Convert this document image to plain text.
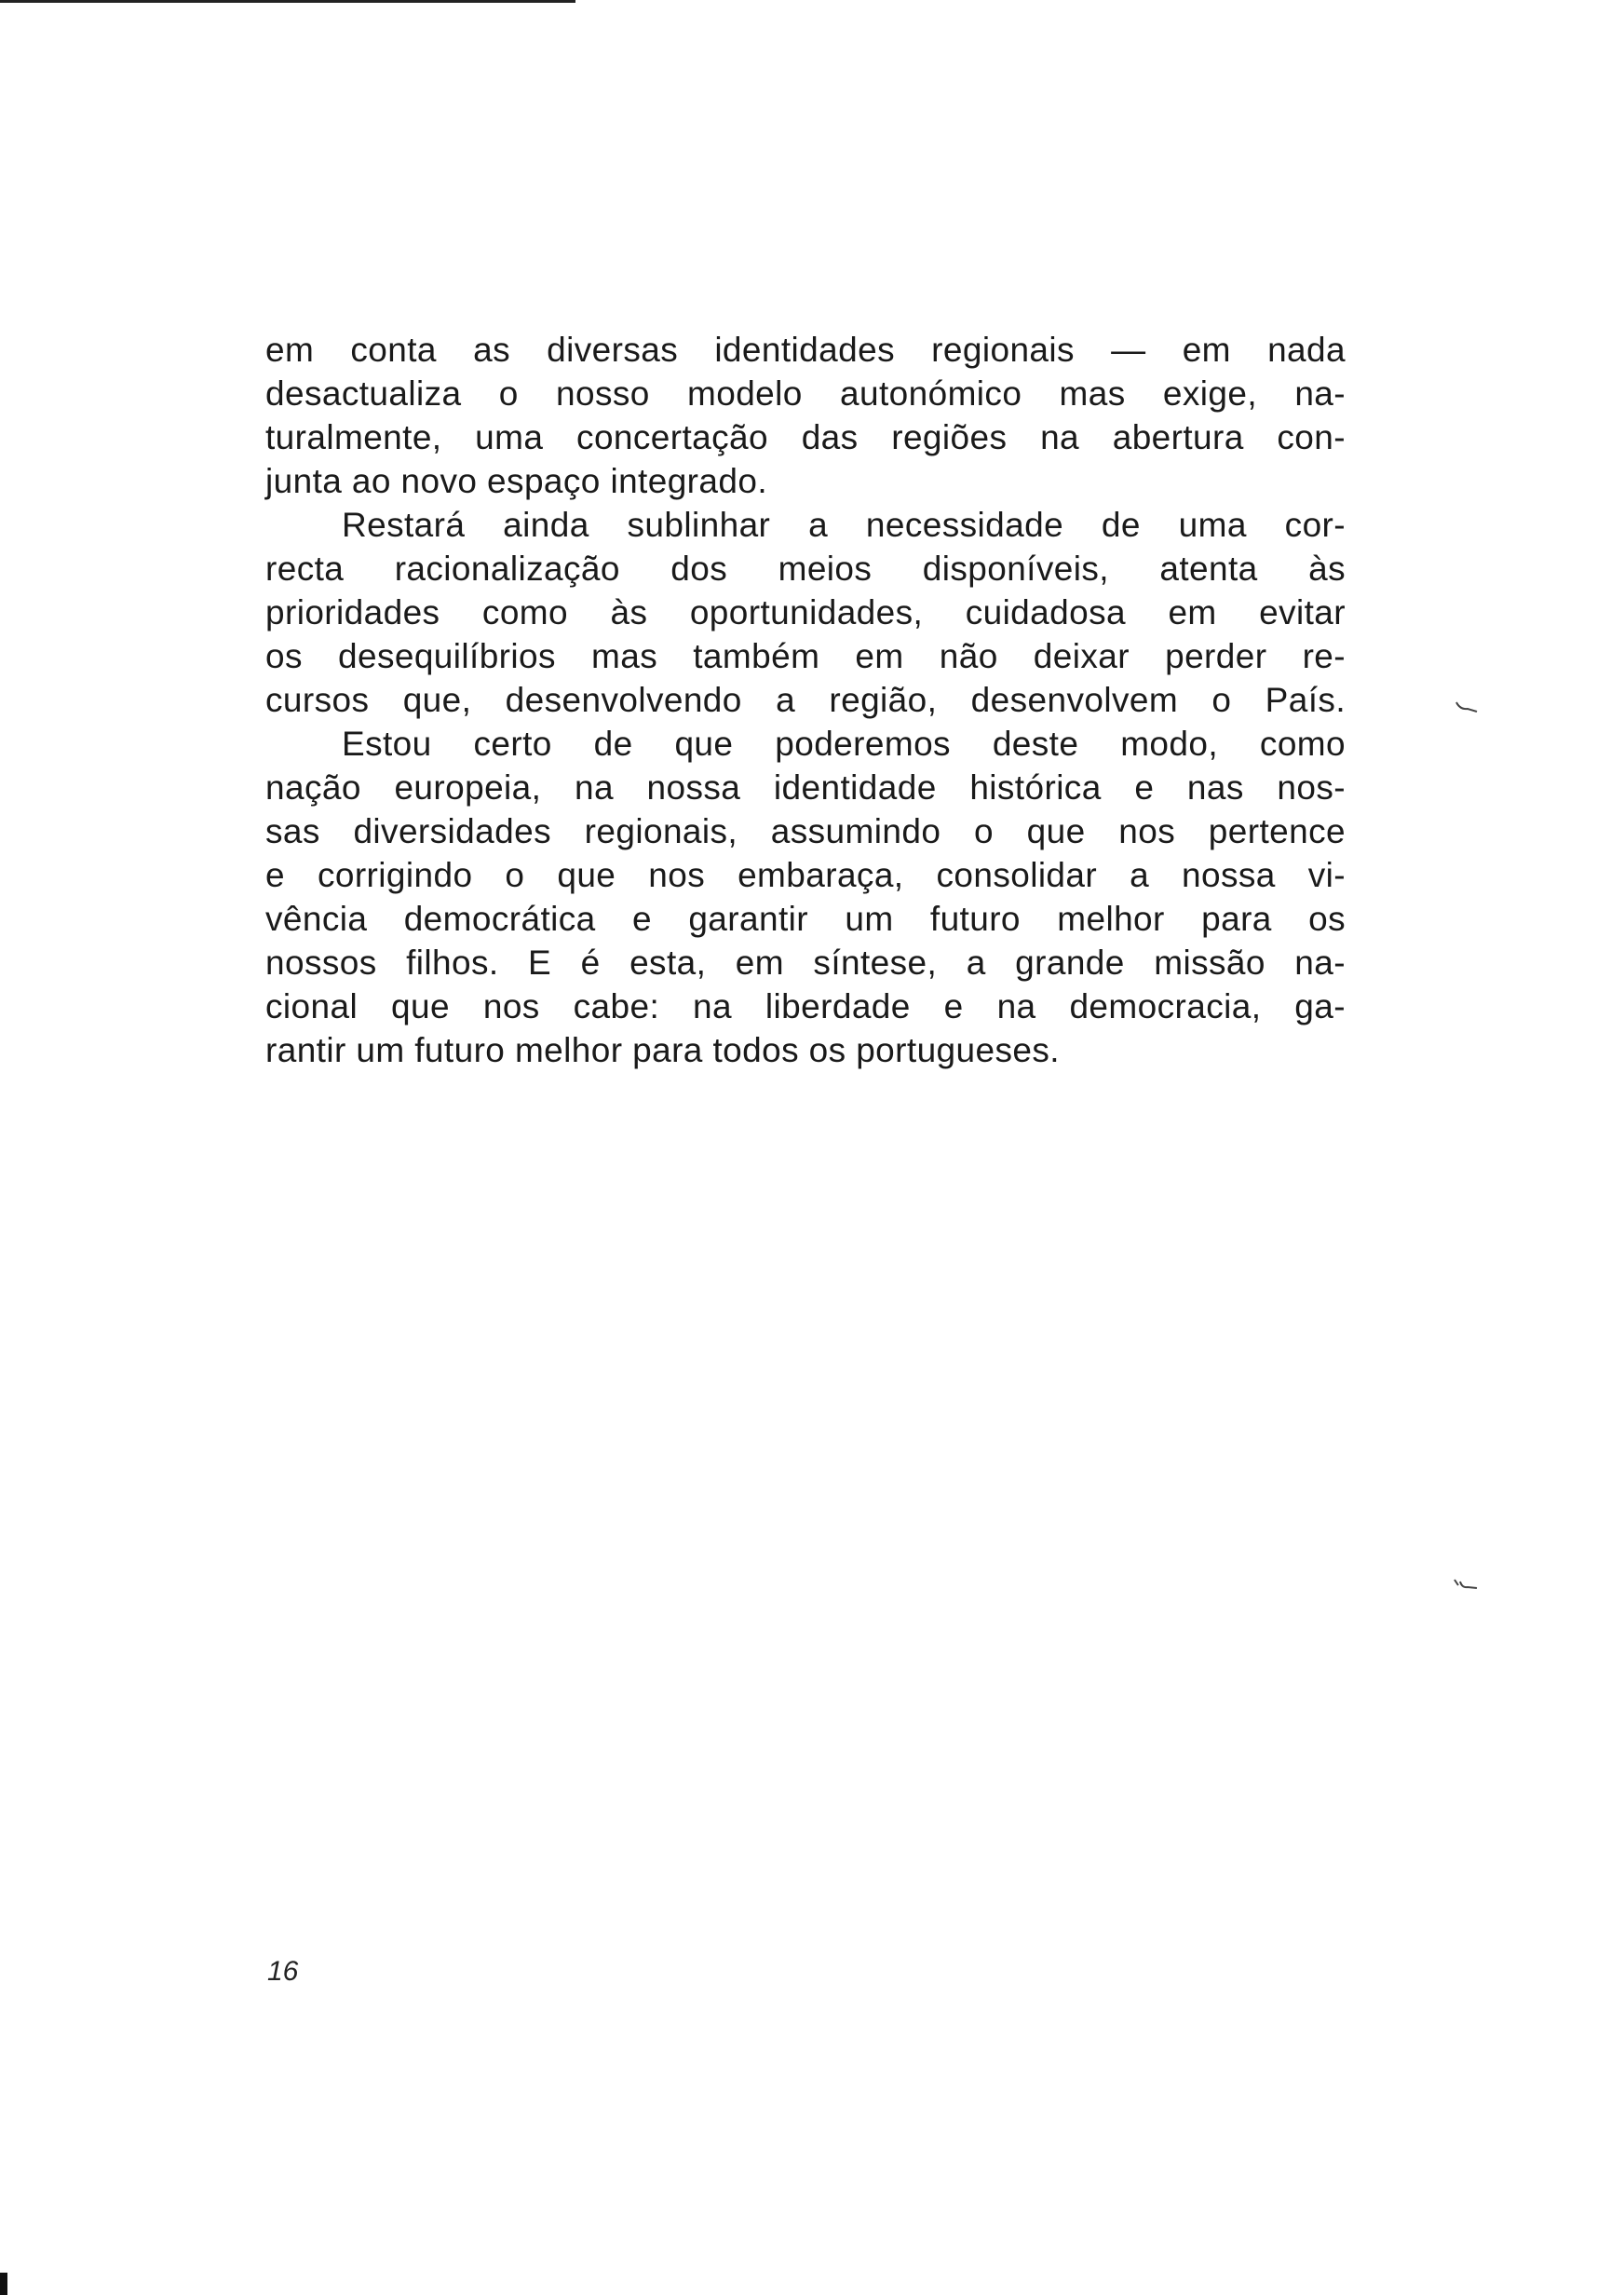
em conta as diversas identidades regionais — em nada
desactualiza o nosso modelo autonómico mas exige, na-
turalmente, uma concertação das regiões na abertura con-
junta ao novo espaço integrado.
Restará ainda sublinhar a necessidade de uma cor-
recta racionalização dos meios disponíveis, atenta às
prioridades como às oportunidades, cuidadosa em evitar
os desequilíbrios mas também em não deixar perder re-
cursos que, desenvolvendo a região, desenvolvem o País.
Estou certo de que poderemos deste modo, como
nação europeia, na nossa identidade histórica e nas nos-
sas diversidades regionais, assumindo o que nos pertence
e corrigindo o que nos embaraça, consolidar a nossa vi-
vência democrática e garantir um futuro melhor para os
nossos filhos. E é esta, em síntese, a grande missão na-
cional que nos cabe: na liberdade e na democracia, ga-
rantir um futuro melhor para todos os portugueses.
16
